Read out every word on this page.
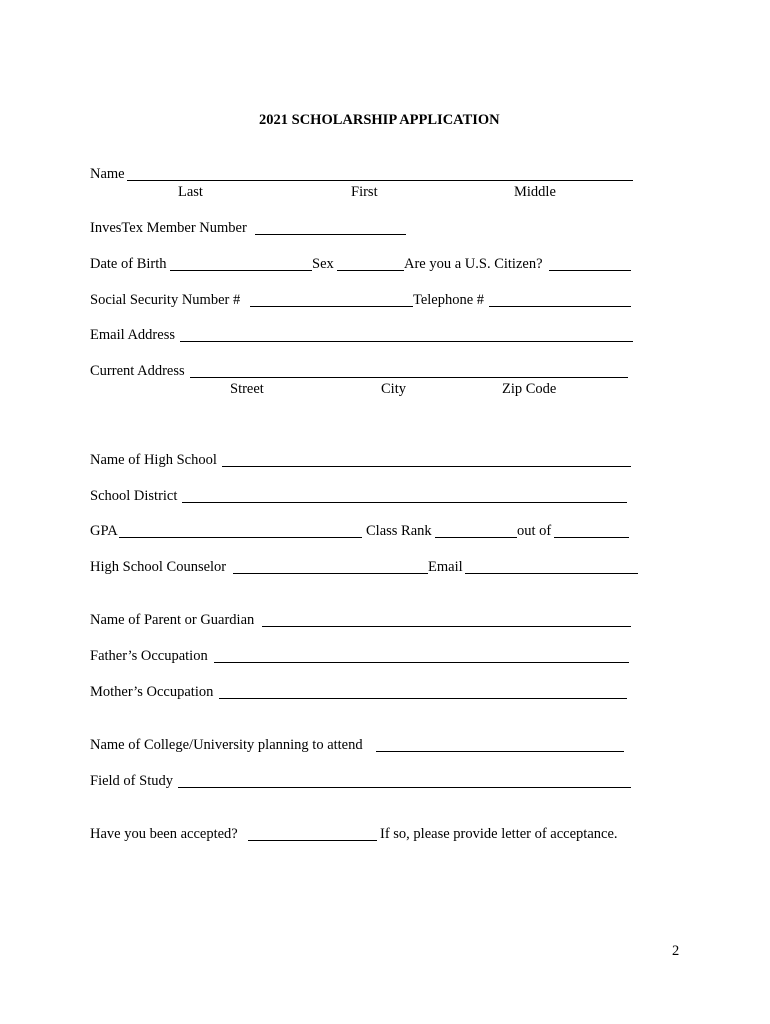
2021 SCHOLARSHIP APPLICATION
Name
Last	First	Middle
InvesTex Member Number
Date of Birth	Sex	Are you a U.S. Citizen?
Social Security Number #	Telephone #
Email Address
Current Address
Street	City	Zip Code
Name of High School
School District
GPA	Class Rank	out of
High School Counselor	Email
Name of Parent or Guardian
Father’s Occupation
Mother’s Occupation
Name of College/University planning to attend
Field of Study
Have you been accepted?	If so, please provide letter of acceptance.
2
